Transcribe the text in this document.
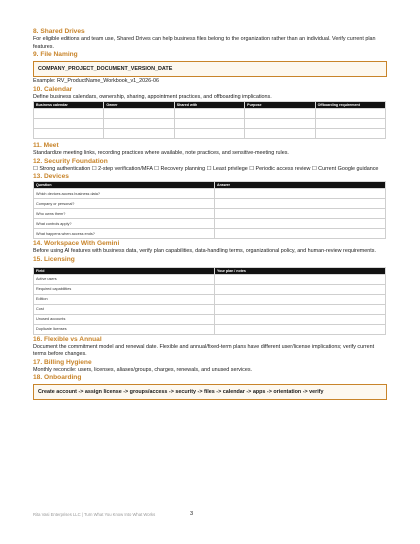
8. Shared Drives

For eligible editions and team use, Shared Drives can help business files belong to the organization rather than an individual. Verify current plan features.

9. File Naming

COMPANY_PROJECT_DOCUMENT_VERSION_DATE

Example: RV_ProductName_Workbook_v1_2026-06

10. Calendar

Define business calendars, ownership, sharing, appointment practices, and offboarding implications.

Business calendar	Owner	Shared with	Purpose	Offboarding requirement

11. Meet

Standardize meeting links, recording practices where available, note practices, and sensitive-meeting rules.

12. Security Foundation

☐ Strong authentication ☐ 2-step verification/MFA ☐ Recovery planning ☐ Least privilege ☐ Periodic access review ☐ Current Google guidance

13. Devices

Question	Answer
Which devices access business data?	
Company or personal?	
Who owns them?	
What controls apply?	
What happens when access ends?	

14. Workspace With Gemini

Before using AI features with business data, verify plan capabilities, data-handling terms, organizational policy, and human-review requirements.

15. Licensing

Field	Your plan / notes
Active users	
Required capabilities	
Edition	
Cost	
Unused accounts	
Duplicate licenses	

16. Flexible vs Annual

Document the commitment model and renewal date. Flexible and annual/fixed-term plans have different user/license implications; verify current terms before changes.

17. Billing Hygiene

Monthly reconcile: users, licenses, aliases/groups, charges, renewals, and unused services.

18. Onboarding

Create account -> assign license -> groups/access -> security -> files -> calendar -> apps -> orientation -> verify
Rita Vasi Enterprises LLC | Turn What You Know Into What Works	3
